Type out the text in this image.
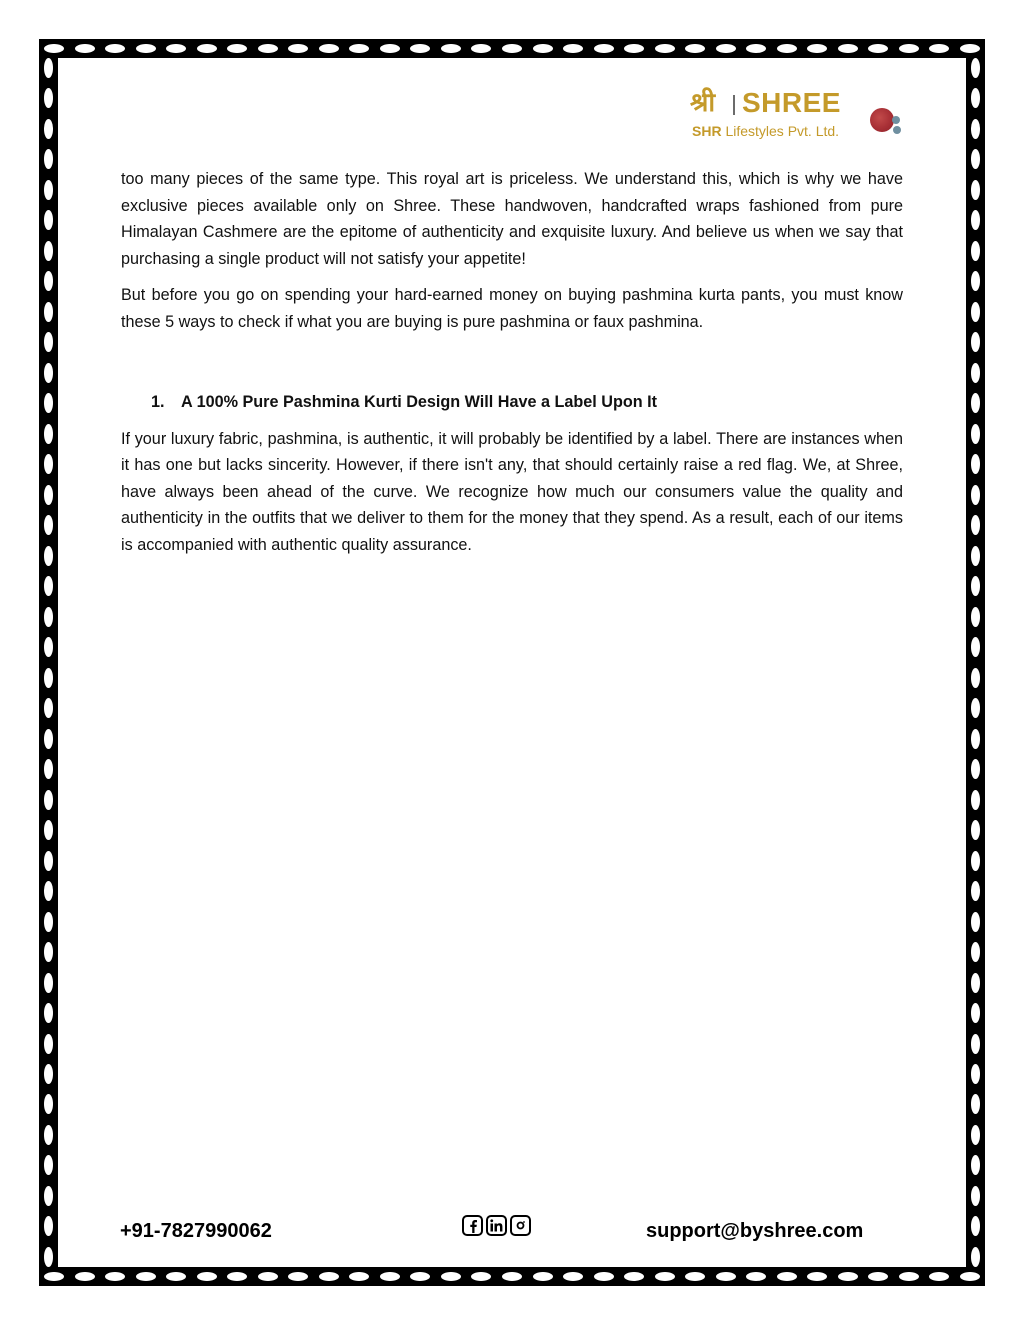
श्री SHREE
SHR Lifestyles Pvt. Ltd.

too many pieces of the same type. This royal art is priceless. We understand this, which is why we have exclusive pieces available only on Shree. These handwoven, handcrafted wraps fashioned from pure Himalayan Cashmere are the epitome of authenticity and exquisite luxury. And believe us when we say that purchasing a single product will not satisfy your appetite!

But before you go on spending your hard-earned money on buying pashmina kurta pants, you must know these 5 ways to check if what you are buying is pure pashmina or faux pashmina.

1. A 100% Pure Pashmina Kurti Design Will Have a Label Upon It

If your luxury fabric, pashmina, is authentic, it will probably be identified by a label. There are instances when it has one but lacks sincerity. However, if there isn't any, that should certainly raise a red flag. We, at Shree, have always been ahead of the curve. We recognize how much our consumers value the quality and authenticity in the outfits that we deliver to them for the money that they spend. As a result, each of our items is accompanied with authentic quality assurance.

+91-7827990062	support@byshree.com
